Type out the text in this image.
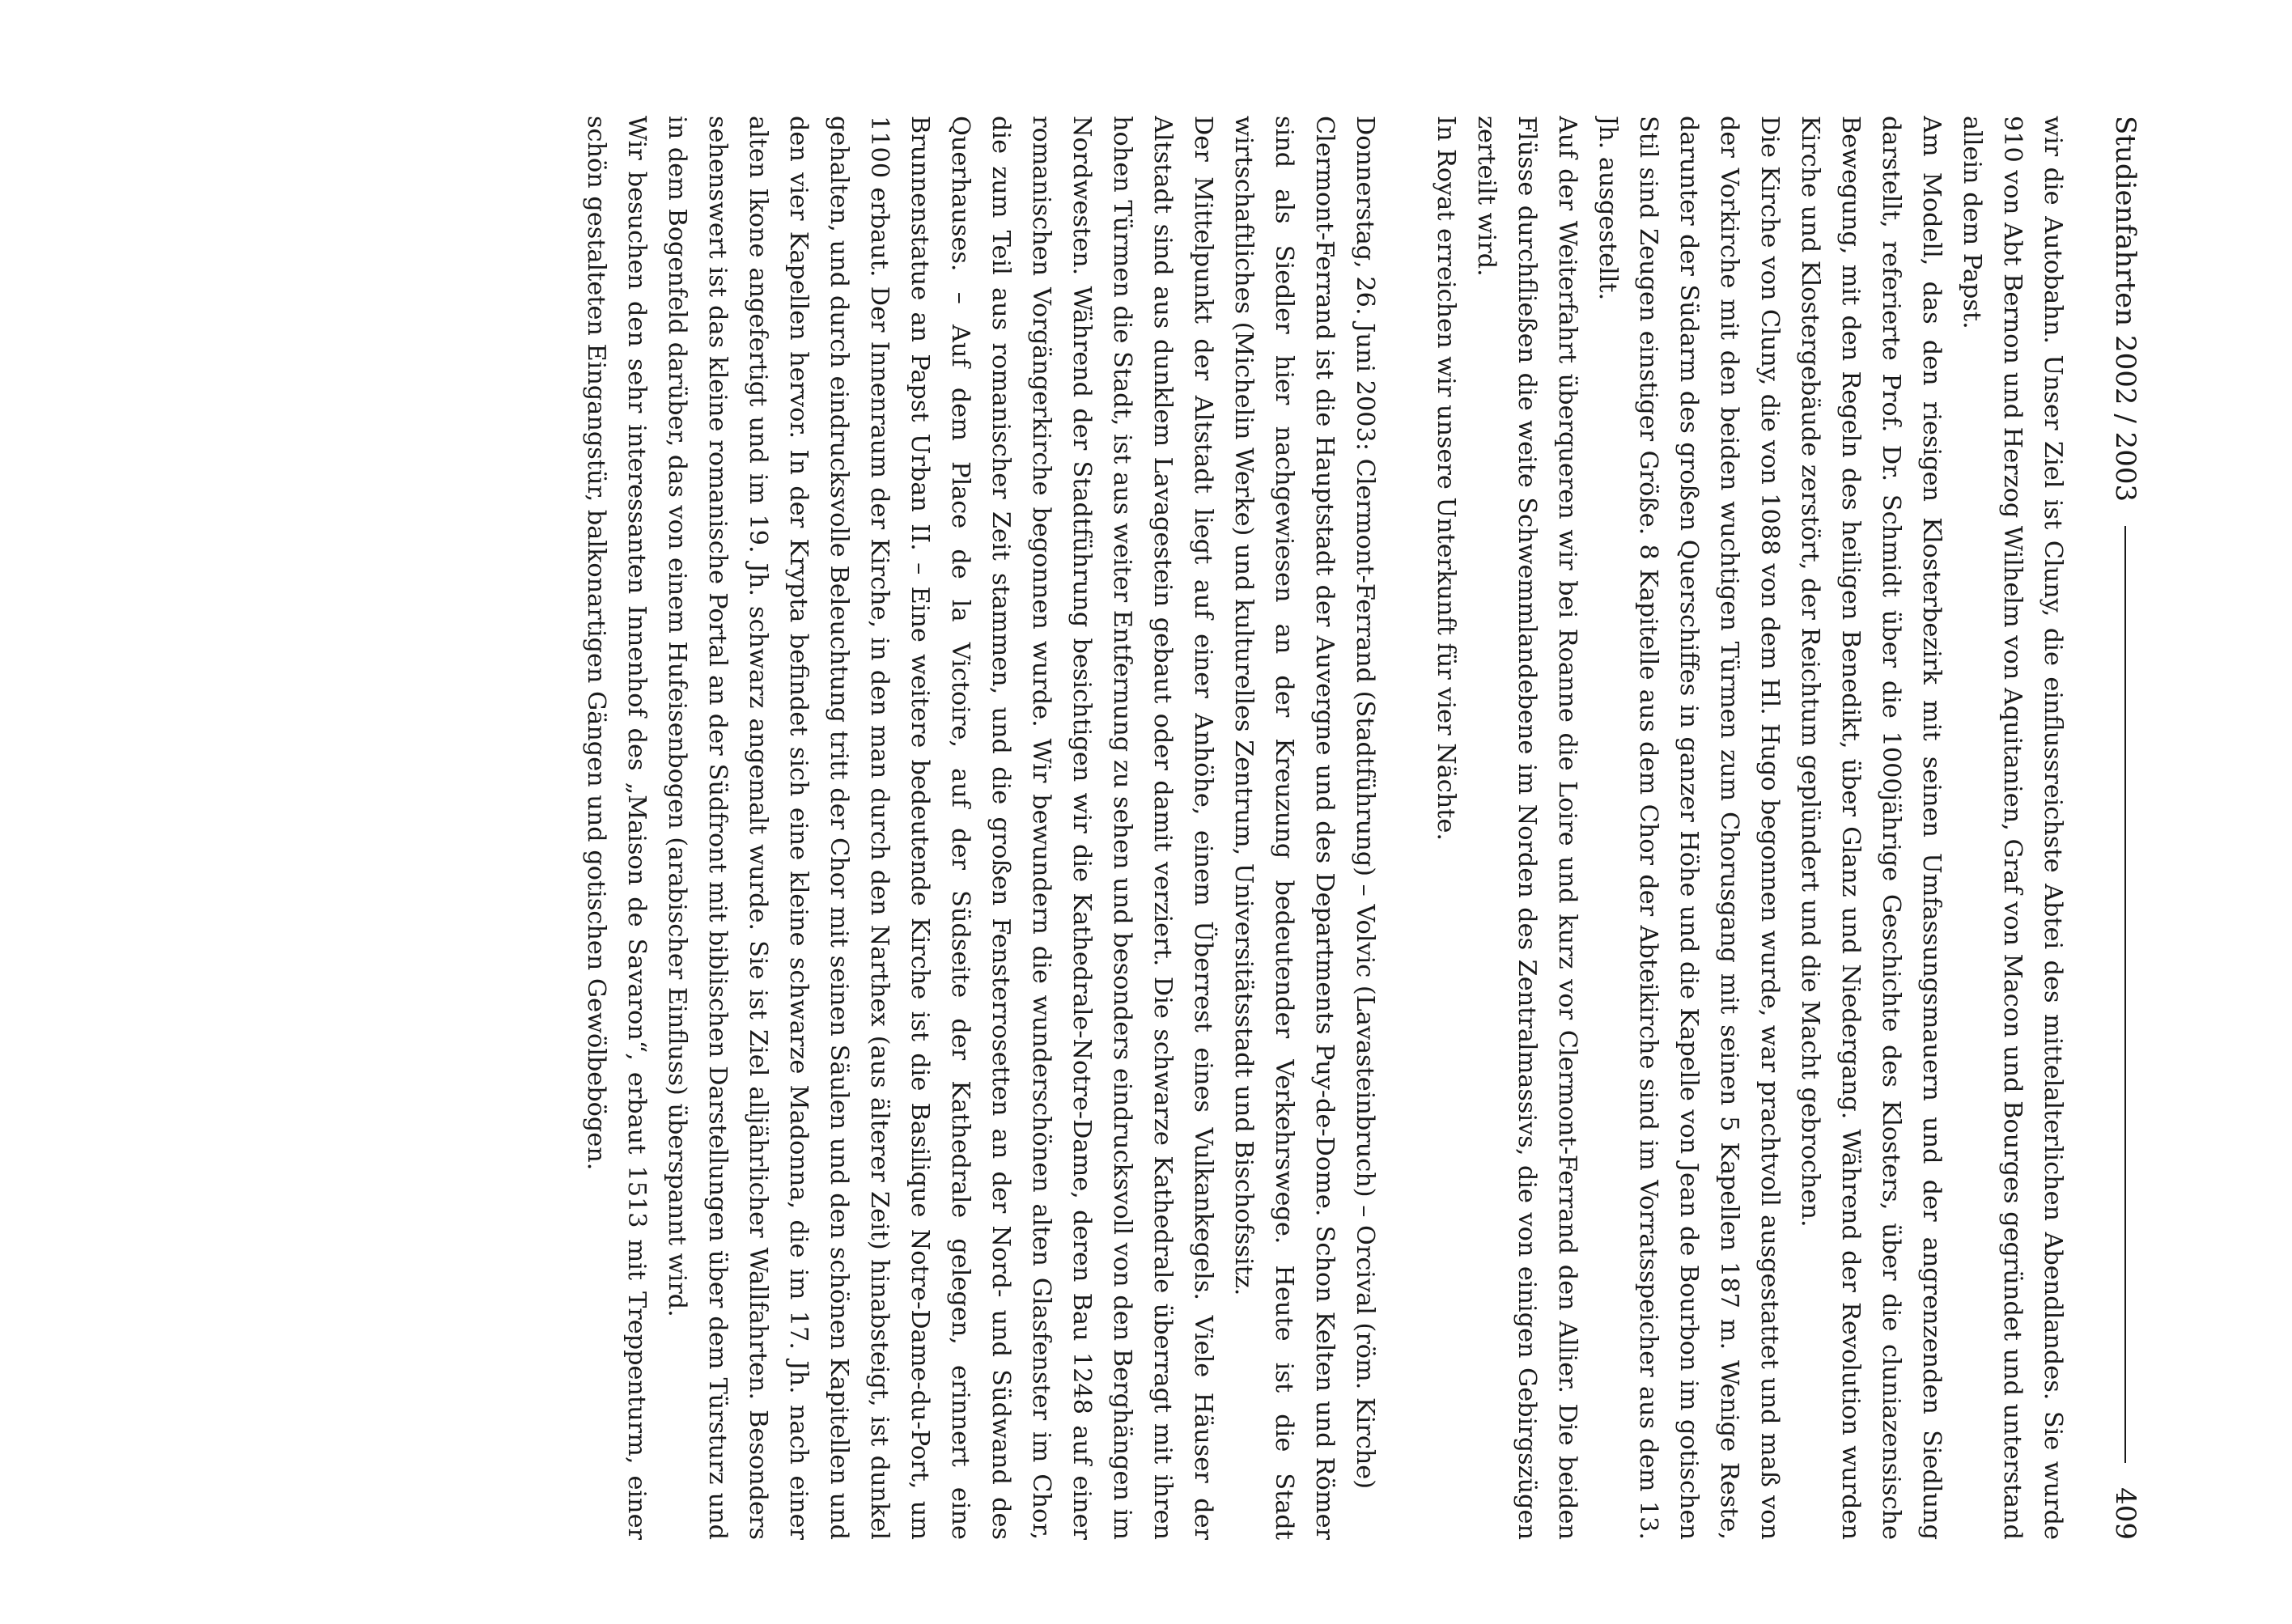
Studienfahrten 2002 / 2003
409

wir die Autobahn. Unser Ziel ist Cluny, die einflussreichste Abtei des mittelalterlichen Abendlandes. Sie wurde 910 von Abt Bernon und Herzog Wilhelm von Aquitanien, Graf von Macon und Bourges gegründet und unterstand allein dem Papst.

Am Modell, das den riesigen Klosterbezirk mit seinen Umfassungsmauern und der angrenzenden Siedlung darstellt, referierte Prof. Dr. Schmidt über die 1000jährige Geschichte des Klosters, über die cluniazensische Bewegung, mit den Regeln des heiligen Benedikt, über Glanz und Niedergang. Während der Revolution wurden Kirche und Klostergebäude zerstört, der Reichtum geplündert und die Macht gebrochen.

Die Kirche von Cluny, die von 1088 von dem Hl. Hugo begonnen wurde, war prachtvoll ausgestattet und maß von der Vorkirche mit den beiden wuchtigen Türmen zum Chorusgang mit seinen 5 Kapellen 187 m. Wenige Reste, darunter der Südarm des großen Querschiffes in ganzer Höhe und die Kapelle von Jean de Bourbon im gotischen Stil sind Zeugen einstiger Größe. 8 Kapitelle aus dem Chor der Abteikirche sind im Vorratsspeicher aus dem 13. Jh. ausgestellt.

Auf der Weiterfahrt überqueren wir bei Roanne die Loire und kurz vor Clermont-Ferrand den Allier. Die beiden Flüsse durchfließen die weite Schwemmlandebene im Norden des Zentralmassivs, die von einigen Gebirgszügen zerteilt wird.

In Royat erreichen wir unsere Unterkunft für vier Nächte.

Donnerstag, 26. Juni 2003: Clermont-Ferrand (Stadtführung) – Volvic (Lavasteinbruch) – Orcival (röm. Kirche)

Clermont-Ferrand ist die Hauptstadt der Auvergne und des Departments Puy-de-Dome. Schon Kelten und Römer sind als Siedler hier nachgewiesen an der Kreuzung bedeutender Verkehrswege. Heute ist die Stadt wirtschaftliches (Michelin Werke) und kulturelles Zentrum, Universitätsstadt und Bischofssitz.

Der Mittelpunkt der Altstadt liegt auf einer Anhöhe, einem Überrest eines Vulkankegels. Viele Häuser der Altstadt sind aus dunklem Lavagestein gebaut oder damit verziert. Die schwarze Kathedrale überragt mit ihren hohen Türmen die Stadt, ist aus weiter Entfernung zu sehen und besonders eindrucksvoll von den Berghängen im Nordwesten. Während der Stadtführung besichtigen wir die Kathedrale-Notre-Dame, deren Bau 1248 auf einer romanischen Vorgängerkirche begonnen wurde. Wir bewundern die wunderschönen alten Glasfenster im Chor, die zum Teil aus romanischer Zeit stammen, und die großen Fensterrosetten an der Nord- und Südwand des Querhauses. – Auf dem Place de la Victoire, auf der Südseite der Kathedrale gelegen, erinnert eine Brunnenstatue an Papst Urban II. – Eine weitere bedeutende Kirche ist die Basilique Notre-Dame-du-Port, um 1100 erbaut. Der Innenraum der Kirche, in den man durch den Narthex (aus älterer Zeit) hinabsteigt, ist dunkel gehalten, und durch eindrucksvolle Beleuchtung tritt der Chor mit seinen Säulen und den schönen Kapitellen und den vier Kapellen hervor. In der Krypta befindet sich eine kleine schwarze Madonna, die im 17. Jh. nach einer alten Ikone angefertigt und im 19. Jh. schwarz angemalt wurde. Sie ist Ziel alljährlicher Wallfahrten. Besonders sehenswert ist das kleine romanische Portal an der Südfront mit biblischen Darstellungen über dem Türsturz und in dem Bogenfeld darüber, das von einem Hufeisenbogen (arabischer Einfluss) überspannt wird.

Wir besuchen den sehr interessanten Innenhof des „Maison de Savaron“, erbaut 1513 mit Treppenturm, einer schön gestalteten Eingangstür, balkonartigen Gängen und gotischen Gewölbebögen.
